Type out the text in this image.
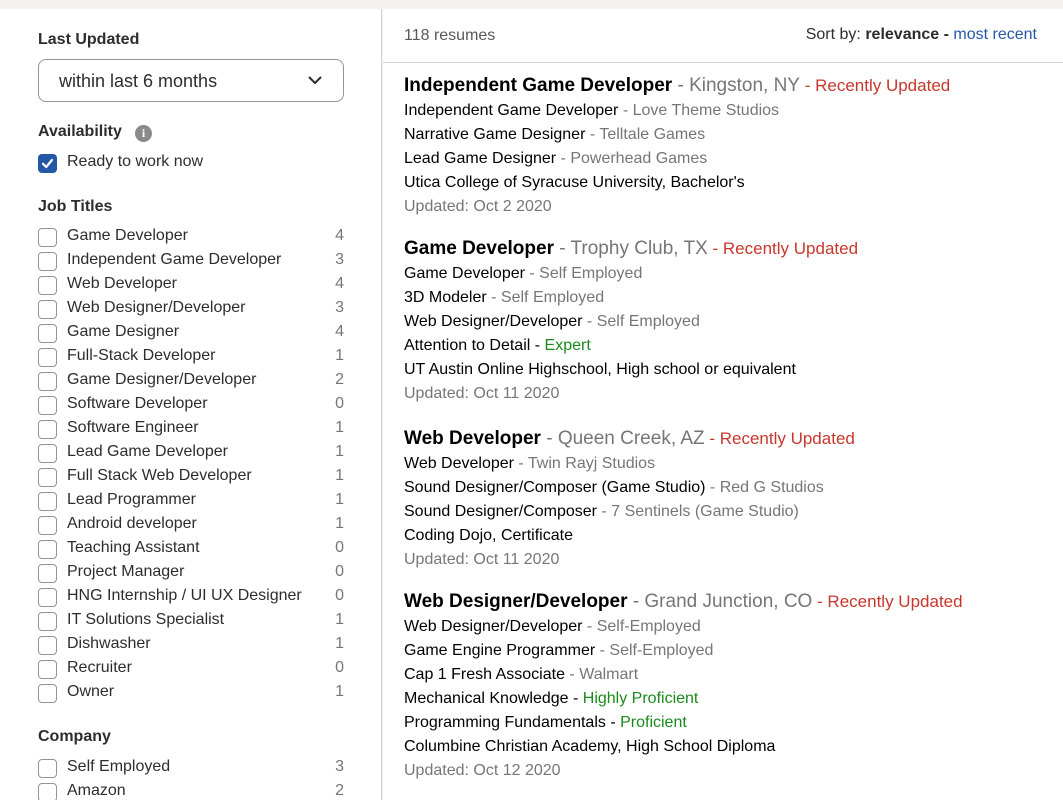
Last Updated
within last 6 months
Availability	i
Ready to work now
Job Titles
Game Developer	4
Independent Game Developer	3
Web Developer	4
Web Designer/Developer	3
Game Designer	4
Full-Stack Developer	1
Game Designer/Developer	2
Software Developer	0
Software Engineer	1
Lead Game Developer	1
Full Stack Web Developer	1
Lead Programmer	1
Android developer	1
Teaching Assistant	0
Project Manager	0
HNG Internship / UI UX Designer 0
IT Solutions Specialist	1
Dishwasher	1
Recruiter	0
Owner	1
Company
Self Employed	3
Amazon	2
118 resumes	Sort by: relevance - most recent
Independent Game Developer - Kingston, NY - Recently Updated
Independent Game Developer - Love Theme Studios
Narrative Game Designer - Telltale Games
Lead Game Designer - Powerhead Games
Utica College of Syracuse University, Bachelor's
Updated: Oct 2 2020
Game Developer - Trophy Club, TX - Recently Updated
Game Developer - Self Employed
3D Modeler - Self Employed
Web Designer/Developer - Self Employed
Attention to Detail - Expert
UT Austin Online Highschool, High school or equivalent
Updated: Oct 11 2020
Web Developer - Queen Creek, AZ - Recently Updated
Web Developer - Twin Rayj Studios
Sound Designer/Composer (Game Studio) - Red G Studios
Sound Designer/Composer - 7 Sentinels (Game Studio)
Coding Dojo, Certificate
Updated: Oct 11 2020
Web Designer/Developer - Grand Junction, CO - Recently Updated
Web Designer/Developer - Self-Employed
Game Engine Programmer - Self-Employed
Cap 1 Fresh Associate - Walmart
Mechanical Knowledge - Highly Proficient
Programming Fundamentals - Proficient
Columbine Christian Academy, High School Diploma
Updated: Oct 12 2020
